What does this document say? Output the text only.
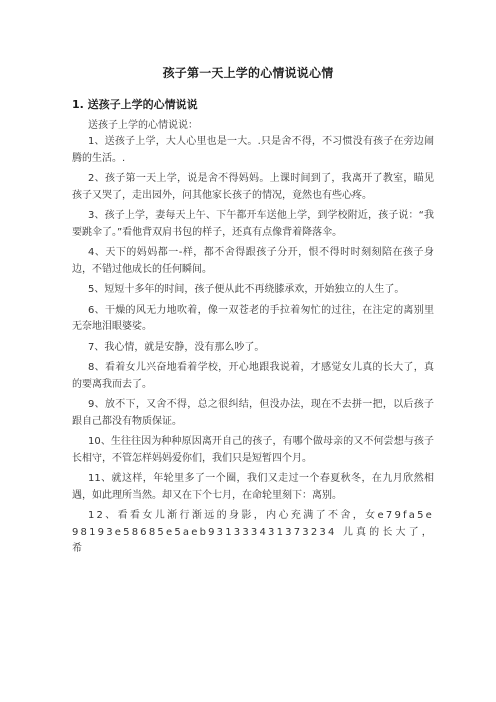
孩子第一天上学的心情说说心情
1. 送孩子上学的心情说说
送孩子上学的心情说说：

1、送孩子上学，大人心里也是一大。.只是舍不得，不习惯没有孩子在旁边闹腾的生活。.

2、孩子第一天上学，说是舍不得妈妈。上课时间到了，我离开了教室，瞄见孩子又哭了，走出园外，问其他家长孩子的情况，竟然也有些心疼。

3、孩子上学，妻每天上午、下午都开车送他上学，到学校附近，孩子说：“我要跳伞了。”看他背双肩书包的样子，还真有点像背着降落伞。

4、天下的妈妈都一-样，都不舍得跟孩子分开，恨不得时时刻刻陪在孩子身边，不错过他成长的任何瞬间。

5、短短十多年的时间，孩子便从此不再绕膝承欢，开始独立的人生了。

6、干燥的风无力地吹着，像一双苍老的手拉着匆忙的过往，在注定的离别里无奈地泪眼婆娑。

7、我心情，就是安静，没有那么吵了。

8、看着女儿兴奋地看着学校，开心地跟我说着，才感觉女儿真的长大了，真的要离我而去了。

9、放不下，又舍不得，总之很纠结，但没办法，现在不去拼一把，以后孩子跟自己都没有物质保证。

10、生往往因为种种原因离开自己的孩子，有哪个做母亲的又不何尝想与孩子长相守，不管怎样妈妈爱你们，我们只是短暂四个月。

11、就这样，年轮里多了一个圈，我们又走过一个春夏秋冬，在九月欣然相遇，如此理所当然。却又在下个七月，在命轮里刻下：离别。

12、看看女儿渐行渐远的身影，内心充满了不舍，女e79fa5e98193e58685e5aeb931333431373234 儿真的长大了，希
